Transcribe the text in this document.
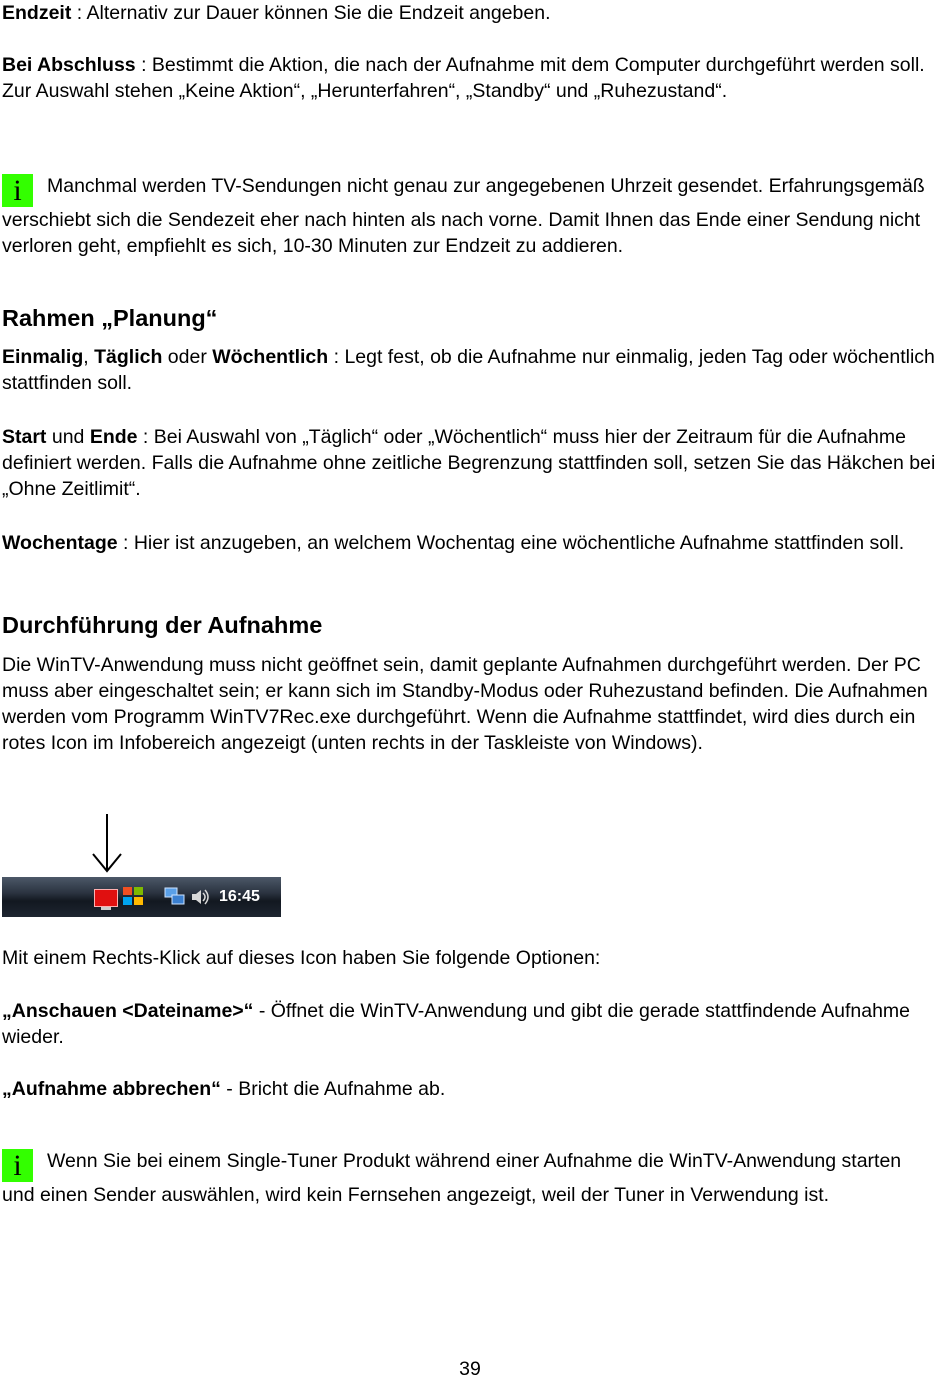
Endzeit : Alternativ zur Dauer können Sie die Endzeit angeben.

Bei Abschluss : Bestimmt die Aktion, die nach der Aufnahme mit dem Computer durchgeführt werden soll. Zur Auswahl stehen „Keine Aktion“, „Herunterfahren“, „Standby“ und „Ruhezustand“.

i Manchmal werden TV-Sendungen nicht genau zur angegebenen Uhrzeit gesendet. Erfahrungsgemäß verschiebt sich die Sendezeit eher nach hinten als nach vorne. Damit Ihnen das Ende einer Sendung nicht verloren geht, empfiehlt es sich, 10-30 Minuten zur Endzeit zu addieren.

Rahmen „Planung“

Einmalig, Täglich oder Wöchentlich : Legt fest, ob die Aufnahme nur einmalig, jeden Tag oder wöchentlich stattfinden soll.

Start und Ende : Bei Auswahl von „Täglich“ oder „Wöchentlich“ muss hier der Zeitraum für die Aufnahme definiert werden. Falls die Aufnahme ohne zeitliche Begrenzung stattfinden soll, setzen Sie das Häkchen bei „Ohne Zeitlimit“.

Wochentage : Hier ist anzugeben, an welchem Wochentag eine wöchentliche Aufnahme stattfinden soll.

Durchführung der Aufnahme

Die WinTV-Anwendung muss nicht geöffnet sein, damit geplante Aufnahmen durchgeführt werden. Der PC muss aber eingeschaltet sein; er kann sich im Standby-Modus oder Ruhezustand befinden. Die Aufnahmen werden vom Programm WinTV7Rec.exe durchgeführt. Wenn die Aufnahme stattfindet, wird dies durch ein rotes Icon im Infobereich angezeigt (unten rechts in der Taskleiste von Windows).

16:45

Mit einem Rechts-Klick auf dieses Icon haben Sie folgende Optionen:

„Anschauen <Dateiname>“ - Öffnet die WinTV-Anwendung und gibt die gerade stattfindende Aufnahme wieder.

„Aufnahme abbrechen“ - Bricht die Aufnahme ab.

i Wenn Sie bei einem Single-Tuner Produkt während einer Aufnahme die WinTV-Anwendung starten und einen Sender auswählen, wird kein Fernsehen angezeigt, weil der Tuner in Verwendung ist.

39
